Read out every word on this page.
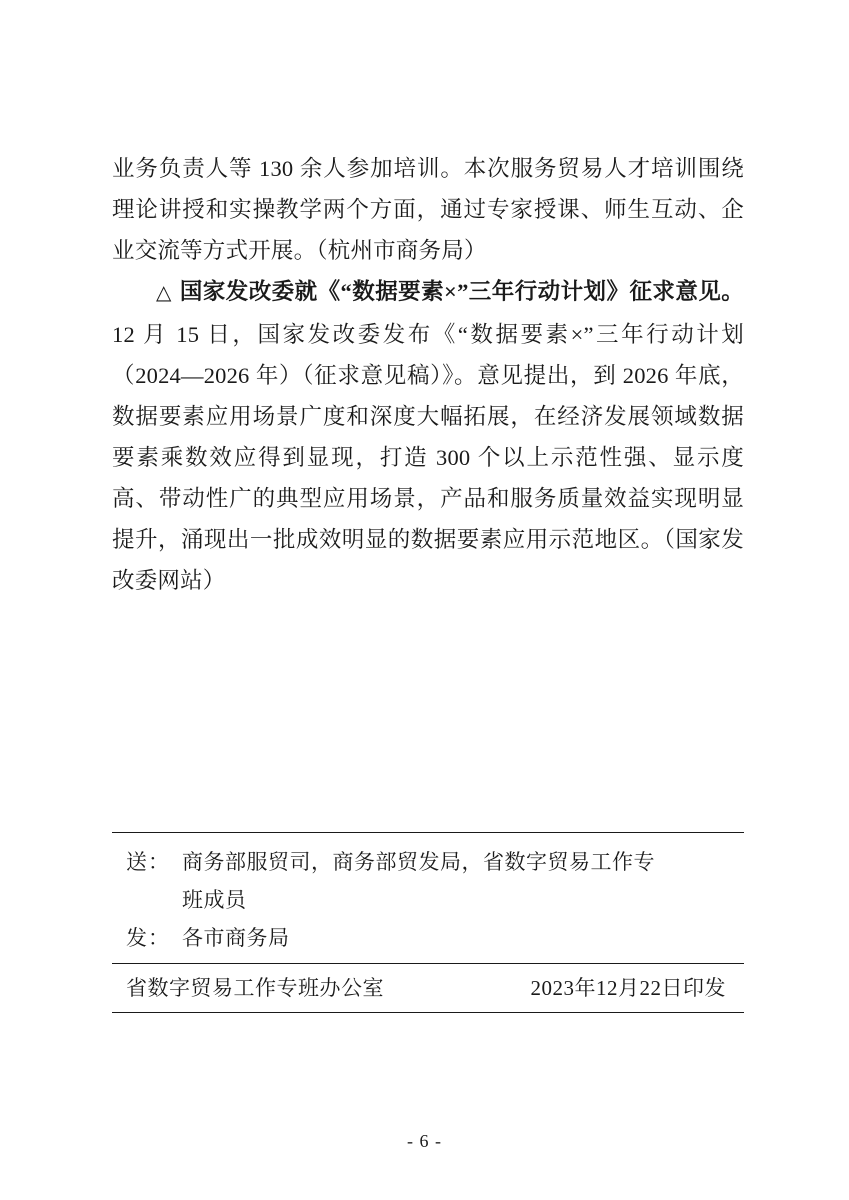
业务负责人等 130 余人参加培训。本次服务贸易人才培训围绕理论讲授和实操教学两个方面，通过专家授课、师生互动、企业交流等方式开展。（杭州市商务局）

△ 国家发改委就《“数据要素×”三年行动计划》征求意见。12 月 15 日，国家发改委发布《“数据要素×”三年行动计划（2024—2026 年）（征求意见稿）》。意见提出，到 2026 年底，数据要素应用场景广度和深度大幅拓展，在经济发展领域数据要素乘数效应得到显现，打造 300 个以上示范性强、显示度高、带动性广的典型应用场景，产品和服务质量效益实现明显提升，涌现出一批成效明显的数据要素应用示范地区。（国家发改委网站）

送： 商务部服贸司，商务部贸发局，省数字贸易工作专
班成员
发： 各市商务局
省数字贸易工作专班办公室	2023年12月22日印发
- 6 -
